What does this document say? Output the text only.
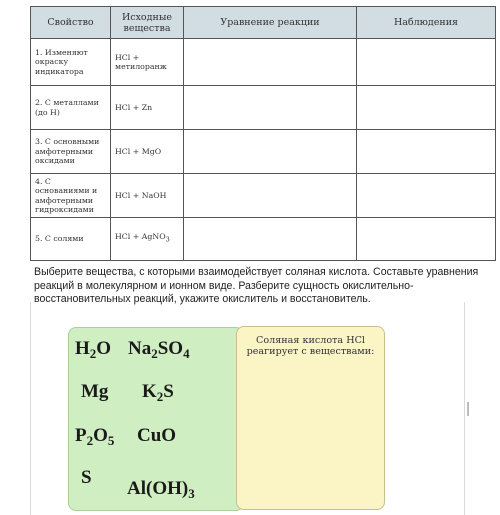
Свойство	Исходные вещества	Уравнение реакции	Наблюдения
1. Изменяют окраску индикатора	HCl + метилоранж		
2. С металлами (до H)	HCl + Zn		
3. С основными амфотерными оксидами	HCl + MgO		
4. С основаниями и амфотерными гидроксидами	HCl + NaOH		
5. С солями	HCl + AgNO$_3$		
Выберите вещества, с которыми взаимодействует соляная кислота. Составьте уравнения реакций в молекулярном и ионном виде. Разберите сущность окислительно-восстановительных реакций, укажите окислитель и восстановитель.
$H_2O$ $Na_2SO_4$
Mg $K_2S$
$P_2O_5$ CuO
S
$Al(OH)_3$
Соляная кислота HCl реагирует с веществами:
